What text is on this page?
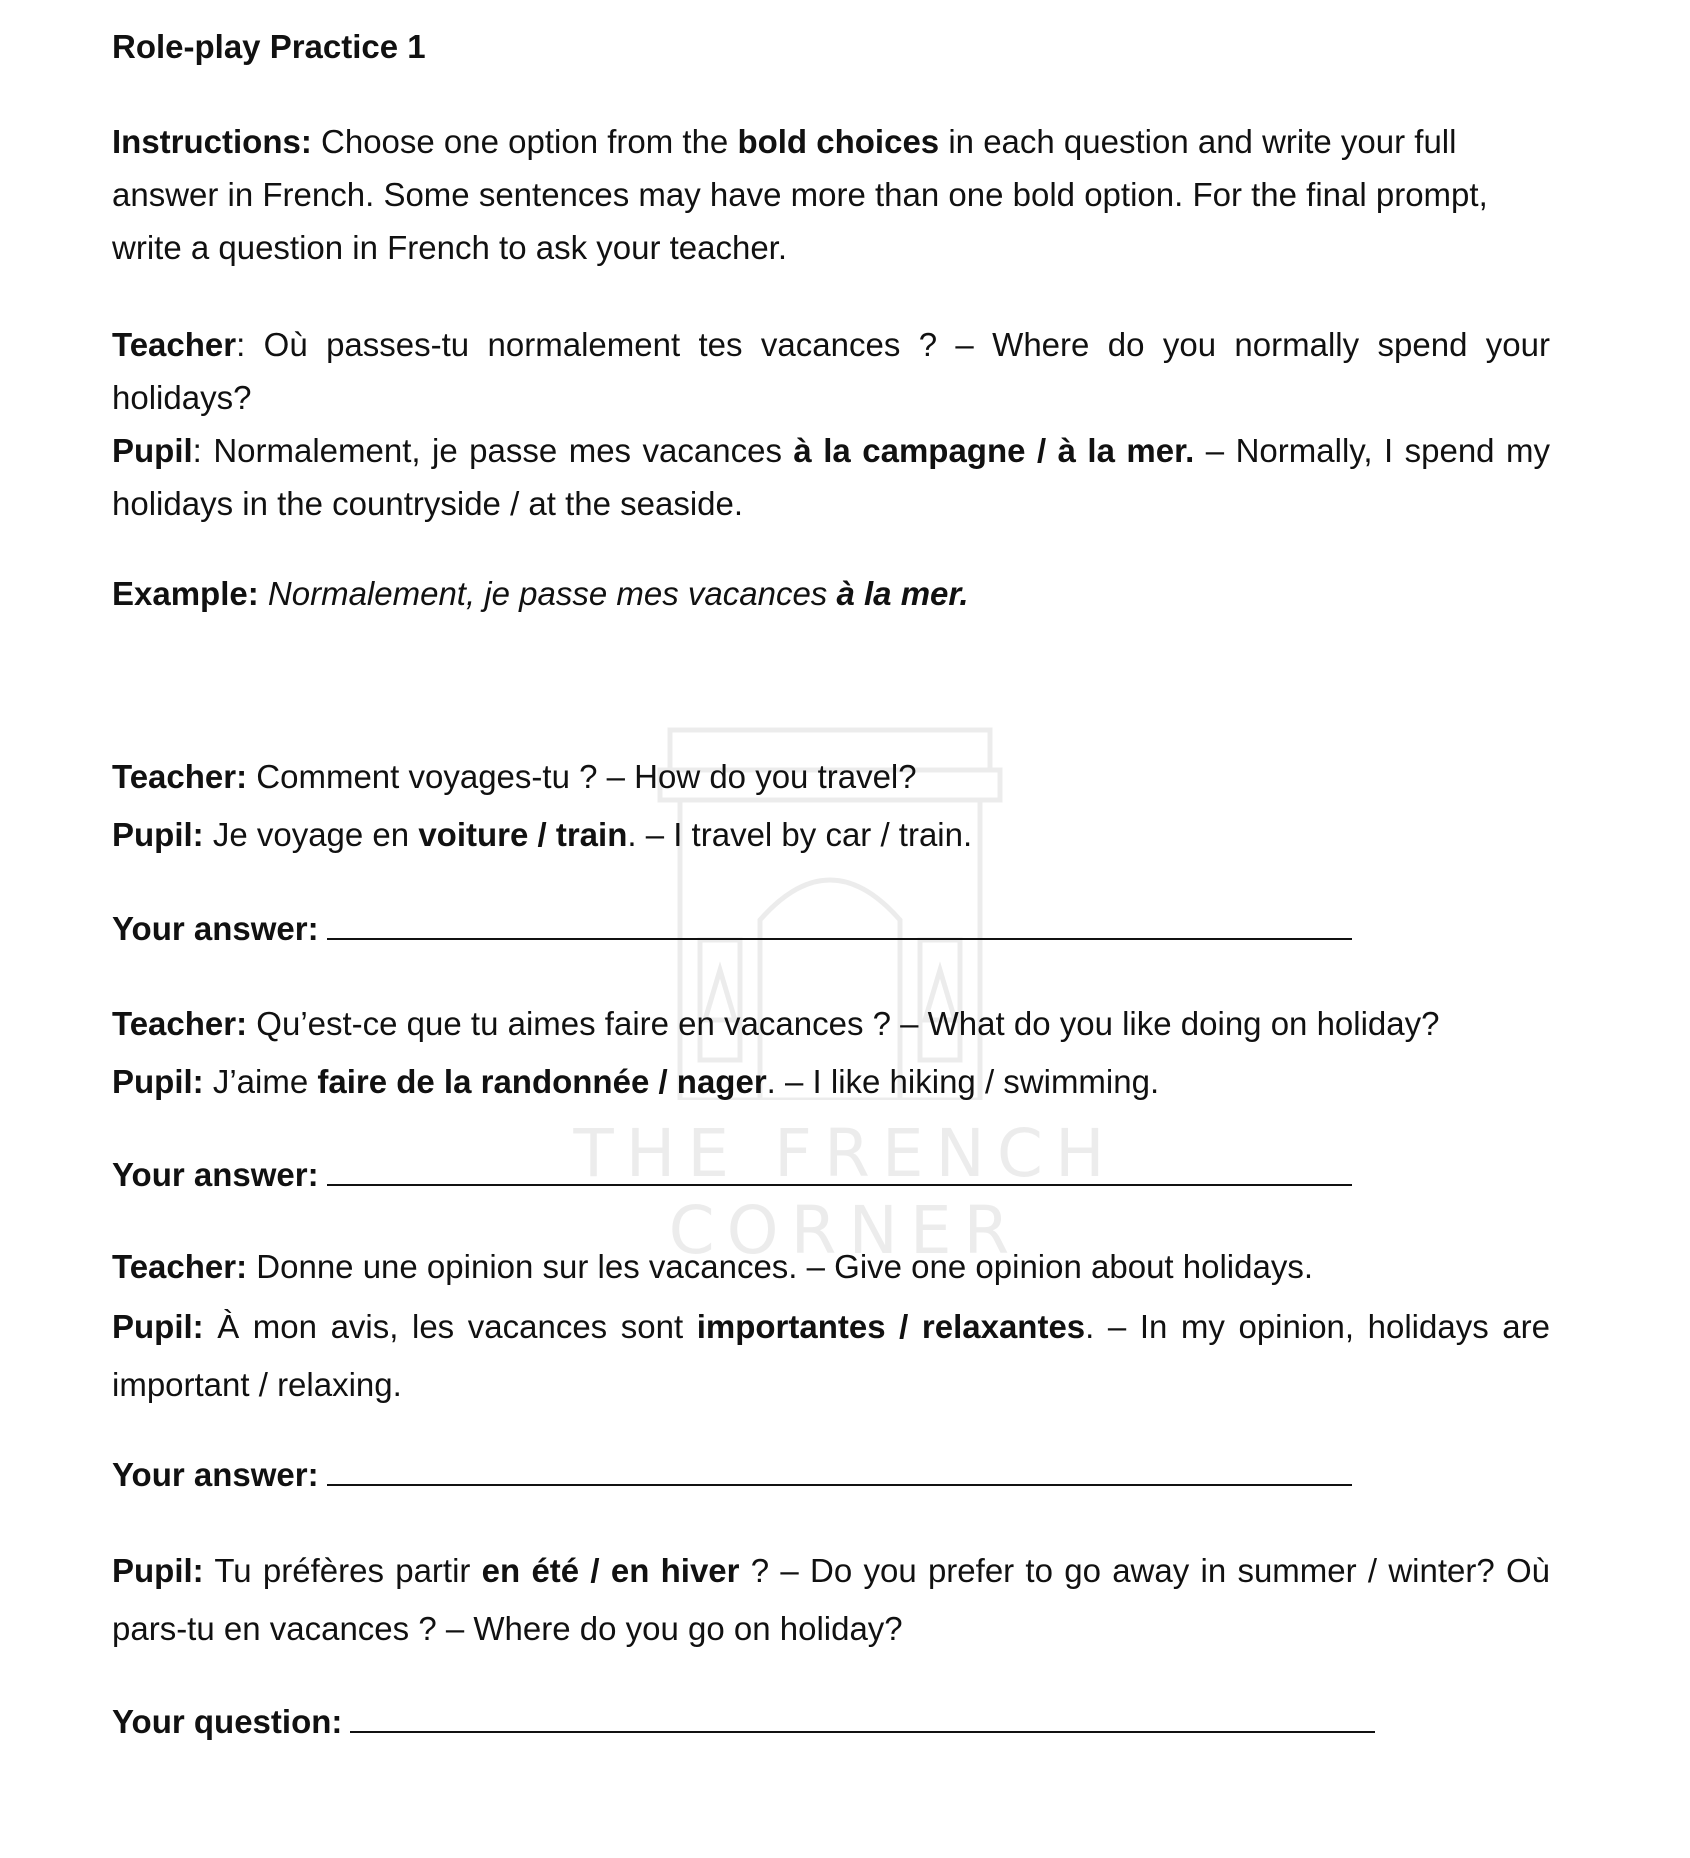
THE FRENCH CORNER

Role-play Practice 1

Instructions: Choose one option from the bold choices in each question and write your full answer in French. Some sentences may have more than one bold option. For the final prompt, write a question in French to ask your teacher.

Teacher: Où passes-tu normalement tes vacances ? – Where do you normally spend your holidays?

Pupil: Normalement, je passe mes vacances à la campagne / à la mer. – Normally, I spend my holidays in the countryside / at the seaside.

Example: Normalement, je passe mes vacances à la mer.

Teacher: Comment voyages-tu ? – How do you travel?

Pupil: Je voyage en voiture / train. – I travel by car / train.

Your answer:

Teacher: Qu’est-ce que tu aimes faire en vacances ? – What do you like doing on holiday?

Pupil: J’aime faire de la randonnée / nager. – I like hiking / swimming.

Your answer:

Teacher: Donne une opinion sur les vacances. – Give one opinion about holidays.

Pupil: À mon avis, les vacances sont importantes / relaxantes. – In my opinion, holidays are important / relaxing.

Your answer:

Pupil: Tu préfères partir en été / en hiver ? – Do you prefer to go away in summer / winter? Où pars-tu en vacances ? – Where do you go on holiday?

Your question:
